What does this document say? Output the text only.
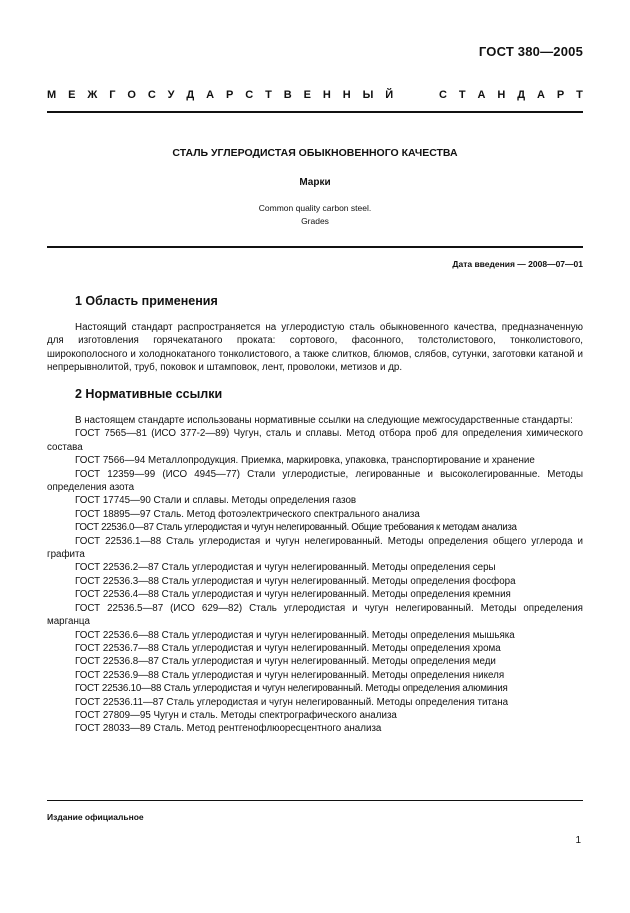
ГОСТ 380—2005
М Е Ж Г О С У Д А Р С Т В Е Н Н Ы Й	С Т А Н Д А Р Т
СТАЛЬ УГЛЕРОДИСТАЯ ОБЫКНОВЕННОГО КАЧЕСТВА
Марки
Common quality carbon steel.
Grades
Дата введения — 2008—07—01
1 Область применения

Настоящий стандарт распространяется на углеродистую сталь обыкновенного качества, предназначенную для изготовления горячекатаного проката: сортового, фасонного, толстолистового, тонколистового, широкополосного и холоднокатаного тонколистового, а также слитков, блюмов, слябов, сутунки, заготовки катаной и непрерывнолитой, труб, поковок и штамповок, лент, проволоки, метизов и др.

2 Нормативные ссылки

В настоящем стандарте использованы нормативные ссылки на следующие межгосударственные стандарты:

ГОСТ 7565—81 (ИСО 377-2—89) Чугун, сталь и сплавы. Метод отбора проб для определения химического состава

ГОСТ 7566—94 Металлопродукция. Приемка, маркировка, упаковка, транспортирование и хранение

ГОСТ 12359—99 (ИСО 4945—77) Стали углеродистые, легированные и высоколегированные. Методы определения азота

ГОСТ 17745—90 Стали и сплавы. Методы определения газов

ГОСТ 18895—97 Сталь. Метод фотоэлектрического спектрального анализа

ГОСТ 22536.0—87 Сталь углеродистая и чугун нелегированный. Общие требования к методам анализа

ГОСТ 22536.1—88 Сталь углеродистая и чугун нелегированный. Методы определения общего углерода и графита

ГОСТ 22536.2—87 Сталь углеродистая и чугун нелегированный. Методы определения серы

ГОСТ 22536.3—88 Сталь углеродистая и чугун нелегированный. Методы определения фосфора

ГОСТ 22536.4—88 Сталь углеродистая и чугун нелегированный. Методы определения кремния

ГОСТ 22536.5—87 (ИСО 629—82) Сталь углеродистая и чугун нелегированный. Методы определения марганца

ГОСТ 22536.6—88 Сталь углеродистая и чугун нелегированный. Методы определения мышьяка

ГОСТ 22536.7—88 Сталь углеродистая и чугун нелегированный. Методы определения хрома

ГОСТ 22536.8—87 Сталь углеродистая и чугун нелегированный. Методы определения меди

ГОСТ 22536.9—88 Сталь углеродистая и чугун нелегированный. Методы определения никеля

ГОСТ 22536.10—88 Сталь углеродистая и чугун нелегированный. Методы определения алюминия

ГОСТ 22536.11—87 Сталь углеродистая и чугун нелегированный. Методы определения титана

ГОСТ 27809—95 Чугун и сталь. Методы спектрографического анализа

ГОСТ 28033—89 Сталь. Метод рентгенофлюоресцентного анализа

Издание официальное
1
